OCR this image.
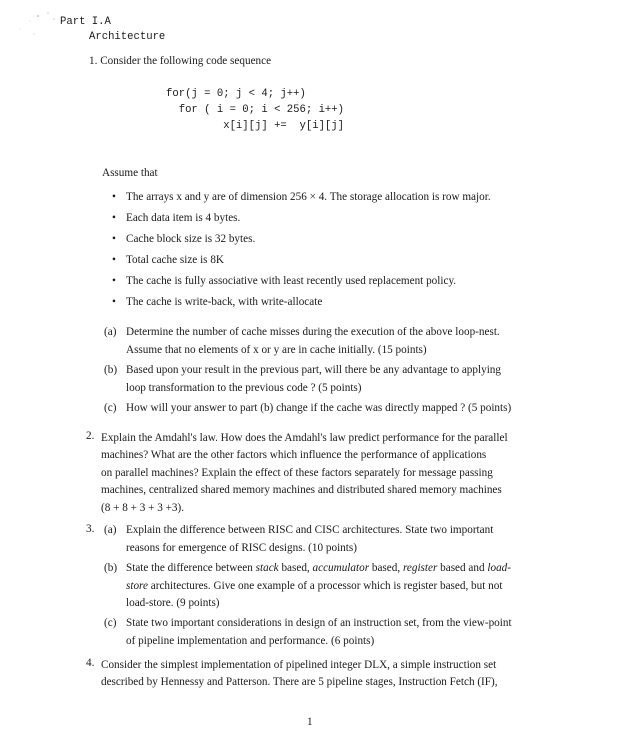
Part I.A
Architecture
1. Consider the following code sequence
for(j = 0; j < 4; j++)
for ( i = 0; i < 256; i++)
x[i][j] +=  y[i][j]
Assume that
• The arrays x and y are of dimension 256 × 4. The storage allocation is row major.
• Each data item is 4 bytes.
• Cache block size is 32 bytes.
• Total cache size is 8K
• The cache is fully associative with least recently used replacement policy.
• The cache is write-back, with write-allocate
(a) Determine the number of cache misses during the execution of the above loop-nest.
Assume that no elements of x or y are in cache initially. (15 points)
(b) Based upon your result in the previous part, will there be any advantage to applying
loop transformation to the previous code ? (5 points)
(c) How will your answer to part (b) change if the cache was directly mapped ? (5 points)
2. Explain the Amdahl's law. How does the Amdahl's law predict performance for the parallel
machines? What are the other factors which influence the performance of applications
on parallel machines? Explain the effect of these factors separately for message passing
machines, centralized shared memory machines and distributed shared memory machines
(8 + 8 + 3 + 3 +3).
3. (a) Explain the difference between RISC and CISC architectures. State two important
reasons for emergence of RISC designs. (10 points)
(b) State the difference between stack based, accumulator based, register based and load-
store architectures. Give one example of a processor which is register based, but not
load-store. (9 points)
(c) State two important considerations in design of an instruction set, from the view-point
of pipeline implementation and performance. (6 points)
4. Consider the simplest implementation of pipelined integer DLX, a simple instruction set
described by Hennessy and Patterson. There are 5 pipeline stages, Instruction Fetch (IF),
1
